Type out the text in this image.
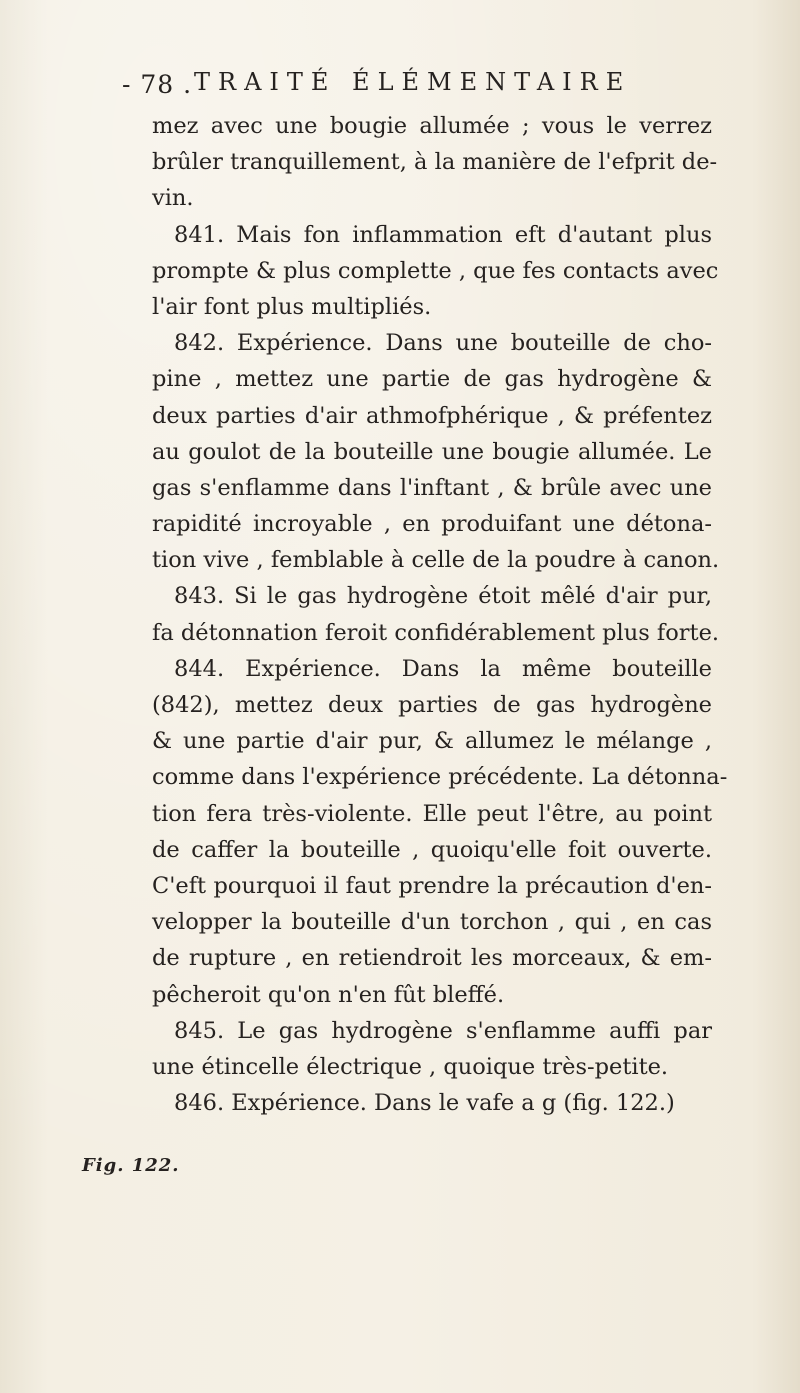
- 78 . TRAITÉ ÉLÉMENTAIRE
mez avec une bougie allumée ; vous le verrez
brûler tranquillement, à la manière de l'efprit de-
vin.
841. Mais fon inflammation eft d'autant plus
prompte & plus complette , que fes contacts avec
l'air font plus multipliés.
842. Expérience. Dans une bouteille de cho-
pine , mettez une partie de gas hydrogène &
deux parties d'air athmofphérique , & préfentez
au goulot de la bouteille une bougie allumée. Le
gas s'enflamme dans l'inftant , & brûle avec une
rapidité incroyable , en produifant une détona-
tion vive , femblable à celle de la poudre à canon.
843. Si le gas hydrogène étoit mêlé d'air pur,
fa détonnation feroit confidérablement plus forte.
844. Expérience. Dans la même bouteille
(842), mettez deux parties de gas hydrogène
& une partie d'air pur, & allumez le mélange ,
comme dans l'expérience précédente. La détonna-
tion fera très-violente. Elle peut l'être, au point
de caffer la bouteille , quoiqu'elle foit ouverte.
C'eft pourquoi il faut prendre la précaution d'en-
velopper la bouteille d'un torchon , qui , en cas
de rupture , en retiendroit les morceaux, & em-
pêcheroit qu'on n'en fût bleffé.
845. Le gas hydrogène s'enflamme auffi par
une étincelle électrique , quoique très-petite.
846. Expérience. Dans le vafe a g (fig. 122.)
Fig. 122.
